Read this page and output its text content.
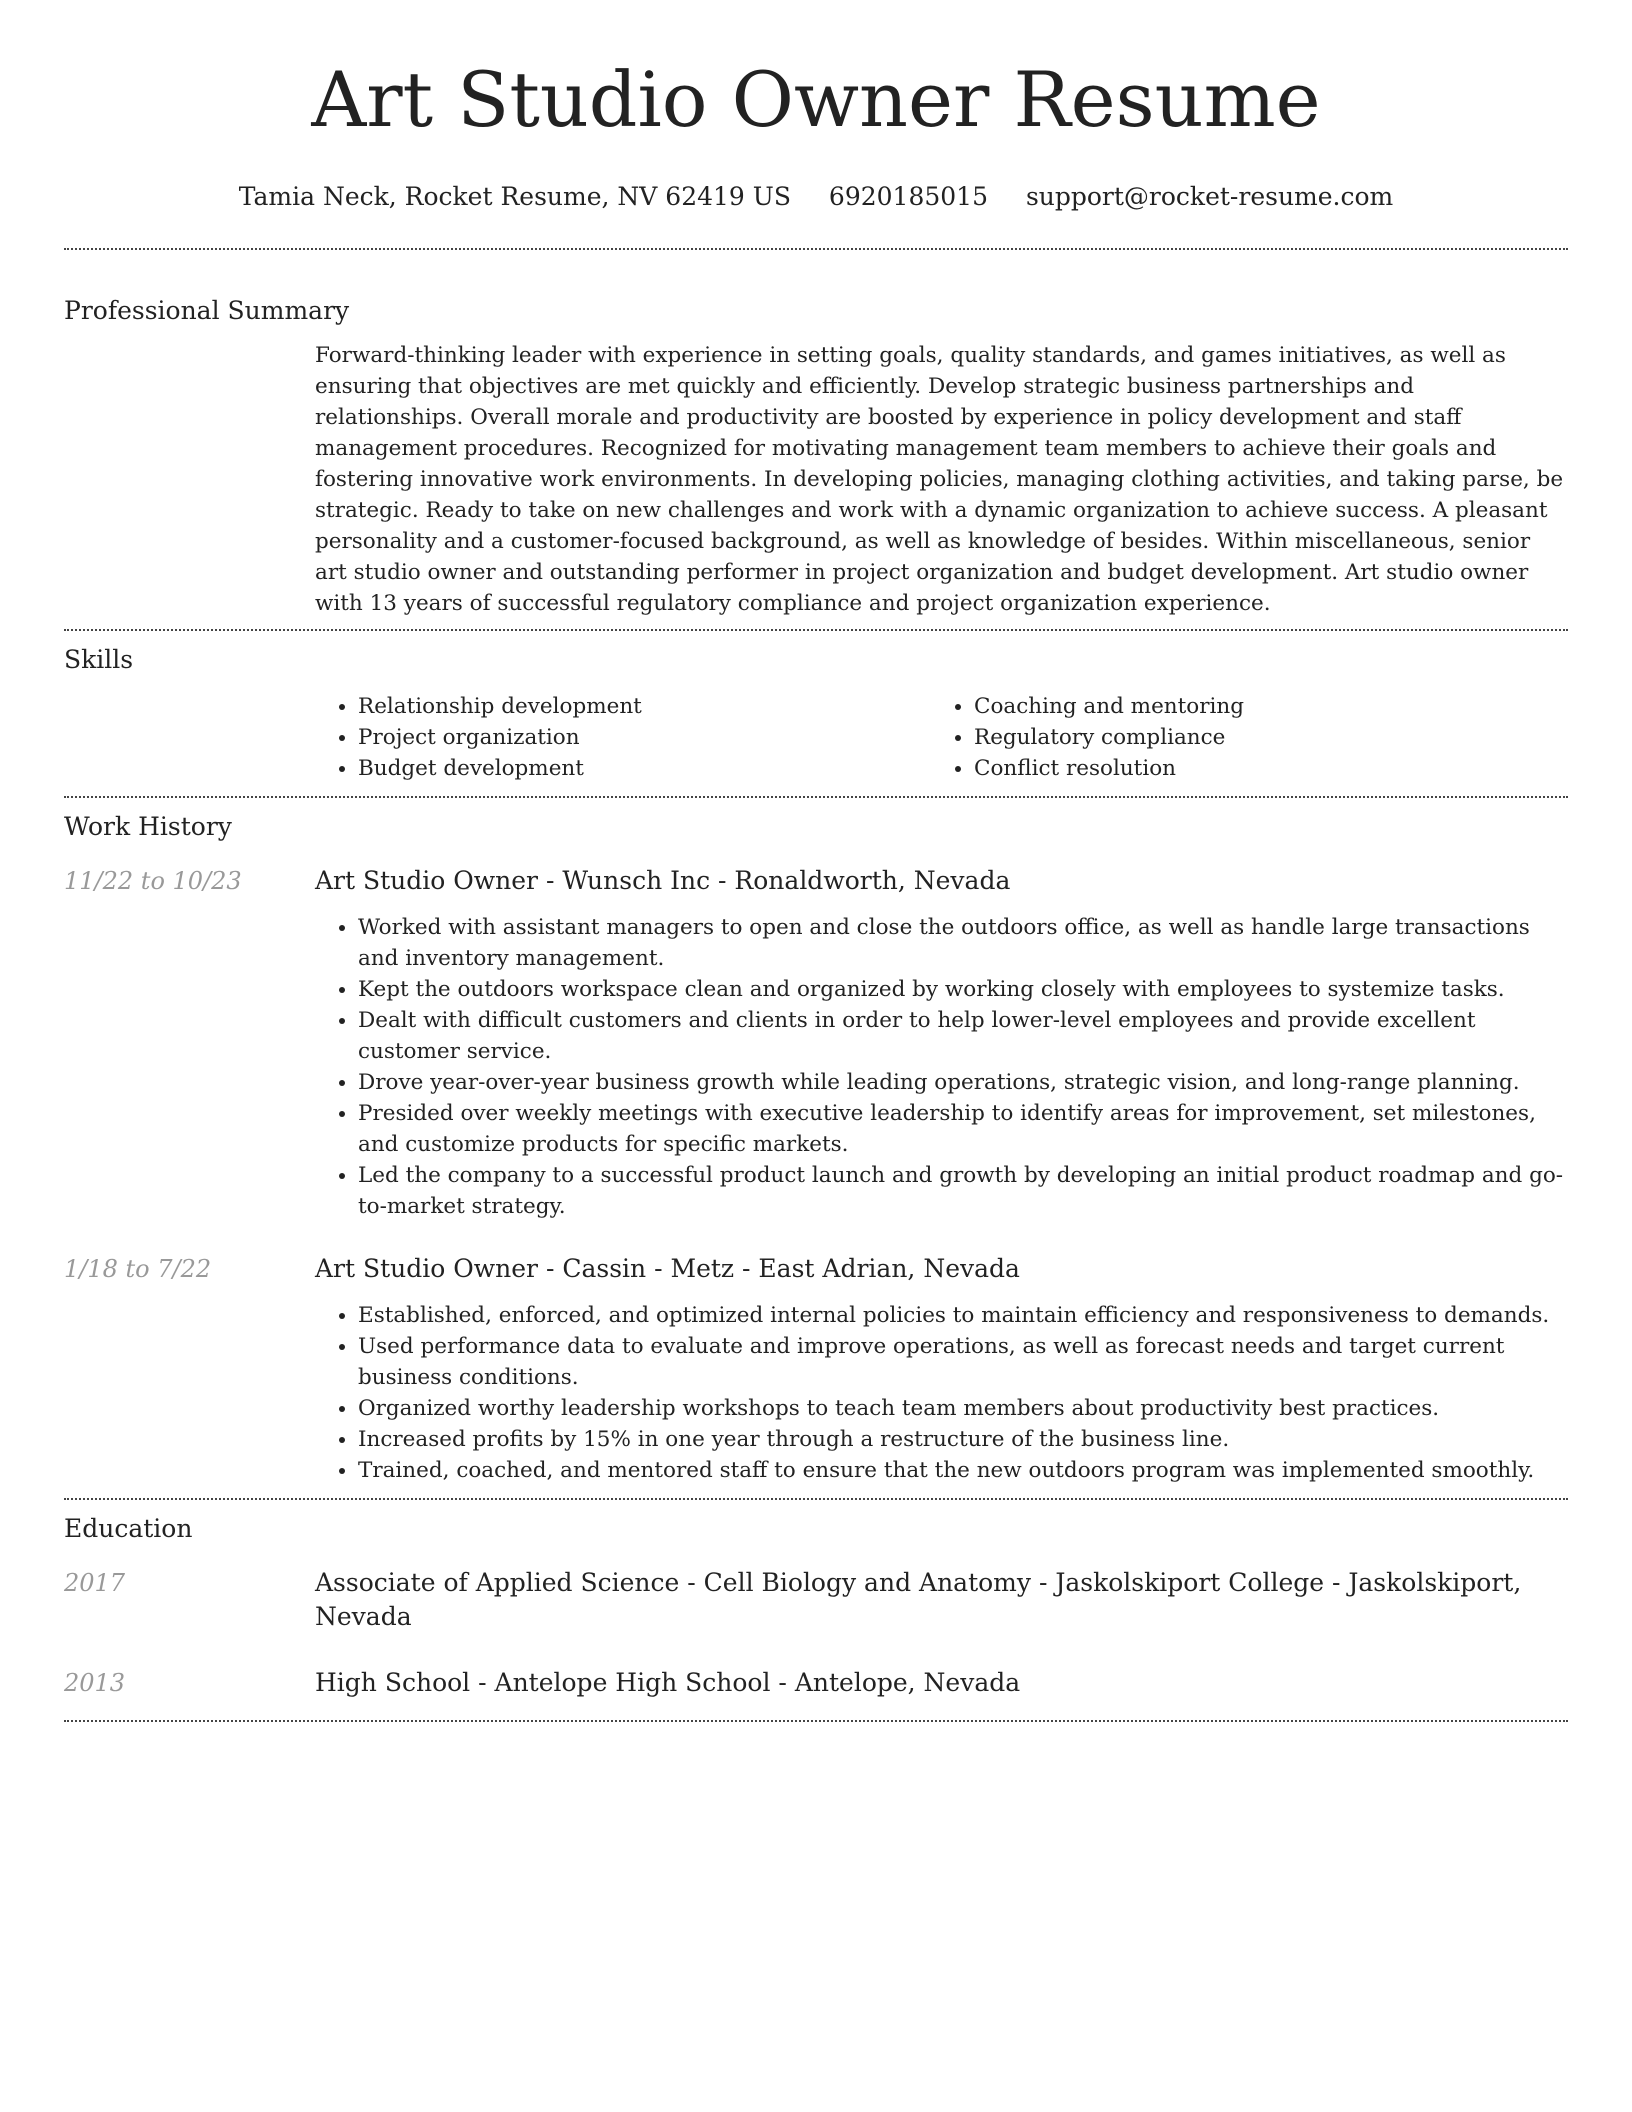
Art Studio Owner Resume
Tamia Neck, Rocket Resume, NV 62419 US 6920185015 support@rocket-resume.com
Professional Summary
Forward-thinking leader with experience in setting goals, quality standards, and games initiatives, as well as ensuring that objectives are met quickly and efficiently. Develop strategic business partnerships and relationships. Overall morale and productivity are boosted by experience in policy development and staff management procedures. Recognized for motivating management team members to achieve their goals and fostering innovative work environments. In developing policies, managing clothing activities, and taking parse, be strategic. Ready to take on new challenges and work with a dynamic organization to achieve success. A pleasant personality and a customer-focused background, as well as knowledge of besides. Within miscellaneous, senior art studio owner and outstanding performer in project organization and budget development. Art studio owner with 13 years of successful regulatory compliance and project organization experience.
Skills
• Relationship development
• Project organization
• Budget development
• Coaching and mentoring
• Regulatory compliance
• Conflict resolution
Work History
11/22 to 10/23	Art Studio Owner - Wunsch Inc - Ronaldworth, Nevada
• Worked with assistant managers to open and close the outdoors office, as well as handle large transactions and inventory management.
• Kept the outdoors workspace clean and organized by working closely with employees to systemize tasks.
• Dealt with difficult customers and clients in order to help lower-level employees and provide excellent customer service.
• Drove year-over-year business growth while leading operations, strategic vision, and long-range planning.
• Presided over weekly meetings with executive leadership to identify areas for improvement, set milestones, and customize products for specific markets.
• Led the company to a successful product launch and growth by developing an initial product roadmap and go-to-market strategy.
1/18 to 7/22	Art Studio Owner - Cassin - Metz - East Adrian, Nevada
• Established, enforced, and optimized internal policies to maintain efficiency and responsiveness to demands.
• Used performance data to evaluate and improve operations, as well as forecast needs and target current business conditions.
• Organized worthy leadership workshops to teach team members about productivity best practices.
• Increased profits by 15% in one year through a restructure of the business line.
• Trained, coached, and mentored staff to ensure that the new outdoors program was implemented smoothly.
Education
2017	Associate of Applied Science - Cell Biology and Anatomy - Jaskolskiport College - Jaskolskiport, Nevada
2013	High School - Antelope High School - Antelope, Nevada
